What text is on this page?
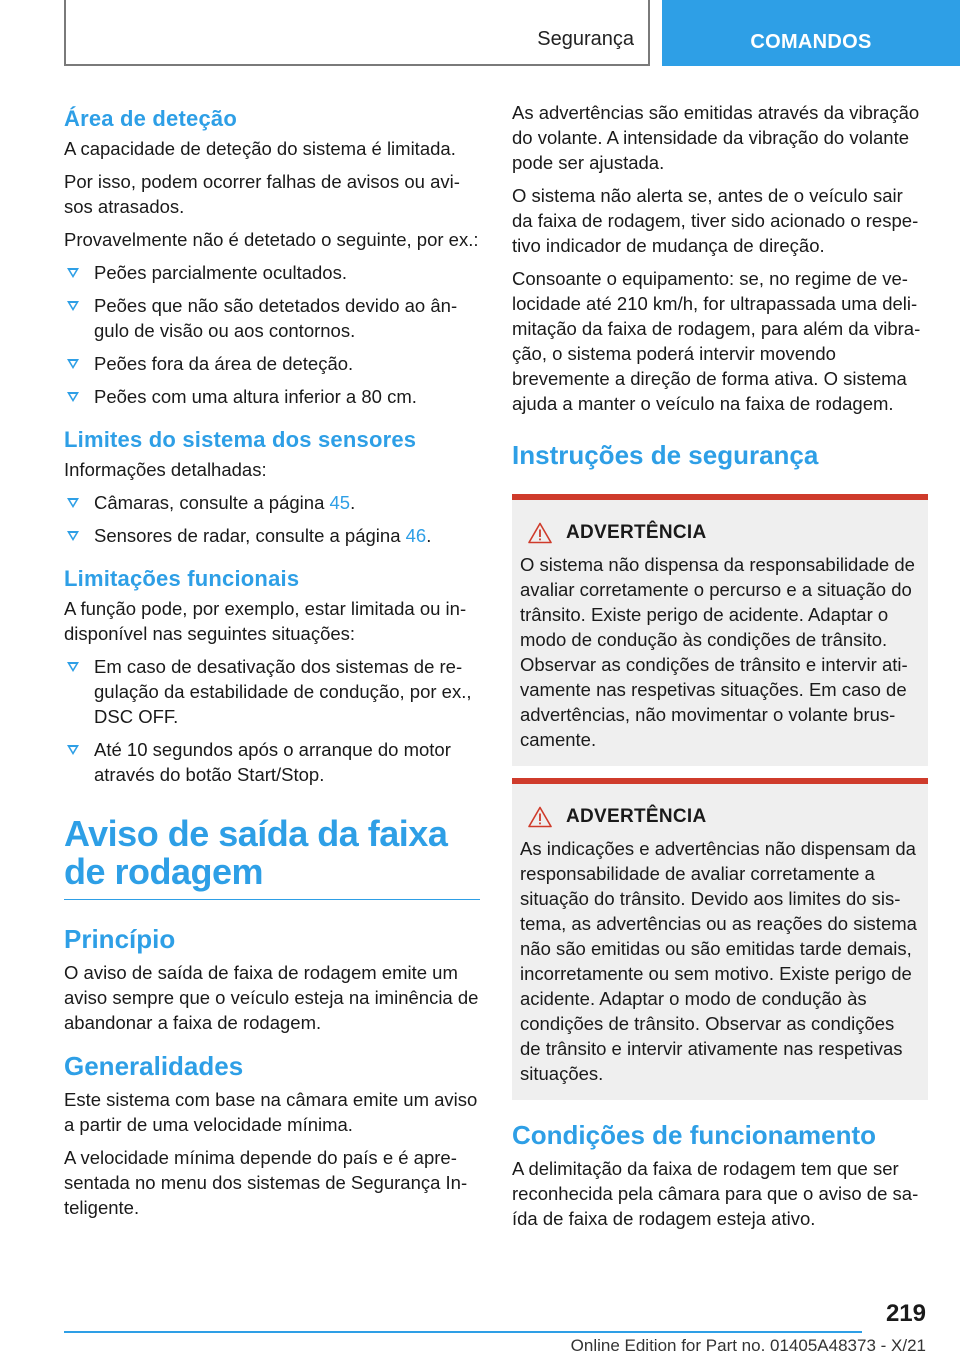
Segurança	COMANDOS
Área de deteção

A capacidade de deteção do sistema é limitada.

Por isso, podem ocorrer falhas de avisos ou avisos atrasados.

Provavelmente não é detetado o seguinte, por ex.:

Peões parcialmente ocultados.
Peões que não são detetados devido ao ângulo de visão ou aos contornos.
Peões fora da área de deteção.
Peões com uma altura inferior a 80 cm.
Limites do sistema dos sensores

Informações detalhadas:

Câmaras, consulte a página 45.
Sensores de radar, consulte a página 46.
Limitações funcionais

A função pode, por exemplo, estar limitada ou indisponível nas seguintes situações:

Em caso de desativação dos sistemas de regulação da estabilidade de condução, por ex., DSC OFF.
Até 10 segundos após o arranque do motor através do botão Start/Stop.
Aviso de saída da faixa de rodagem
Princípio

O aviso de saída de faixa de rodagem emite um aviso sempre que o veículo esteja na iminência de abandonar a faixa de rodagem.

Generalidades

Este sistema com base na câmara emite um aviso a partir de uma velocidade mínima.

A velocidade mínima depende do país e é apresentada no menu dos sistemas de Segurança Inteligente.

As advertências são emitidas através da vibração do volante. A intensidade da vibração do volante pode ser ajustada.

O sistema não alerta se, antes de o veículo sair da faixa de rodagem, tiver sido acionado o respetivo indicador de mudança de direção.

Consoante o equipamento: se, no regime de velocidade até 210 km/h, for ultrapassada uma delimitação da faixa de rodagem, para além da vibração, o sistema poderá intervir movendo brevemente a direção de forma ativa. O sistema ajuda a manter o veículo na faixa de rodagem.

Instruções de segurança
ADVERTÊNCIA

O sistema não dispensa da responsabilidade de avaliar corretamente o percurso e a situação do trânsito. Existe perigo de acidente. Adaptar o modo de condução às condições de trânsito. Observar as condições de trânsito e intervir ativamente nas respetivas situações. Em caso de advertências, não movimentar o volante bruscamente.

ADVERTÊNCIA

As indicações e advertências não dispensam da responsabilidade de avaliar corretamente a situação do trânsito. Devido aos limites do sistema, as advertências ou as reações do sistema não são emitidas ou são emitidas tarde demais, incorretamente ou sem motivo. Existe perigo de acidente. Adaptar o modo de condução às condições de trânsito. Observar as condições de trânsito e intervir ativamente nas respetivas situações.

Condições de funcionamento

A delimitação da faixa de rodagem tem que ser reconhecida pela câmara para que o aviso de saída de faixa de rodagem esteja ativo.

219
Online Edition for Part no. 01405A48373 - X/21
